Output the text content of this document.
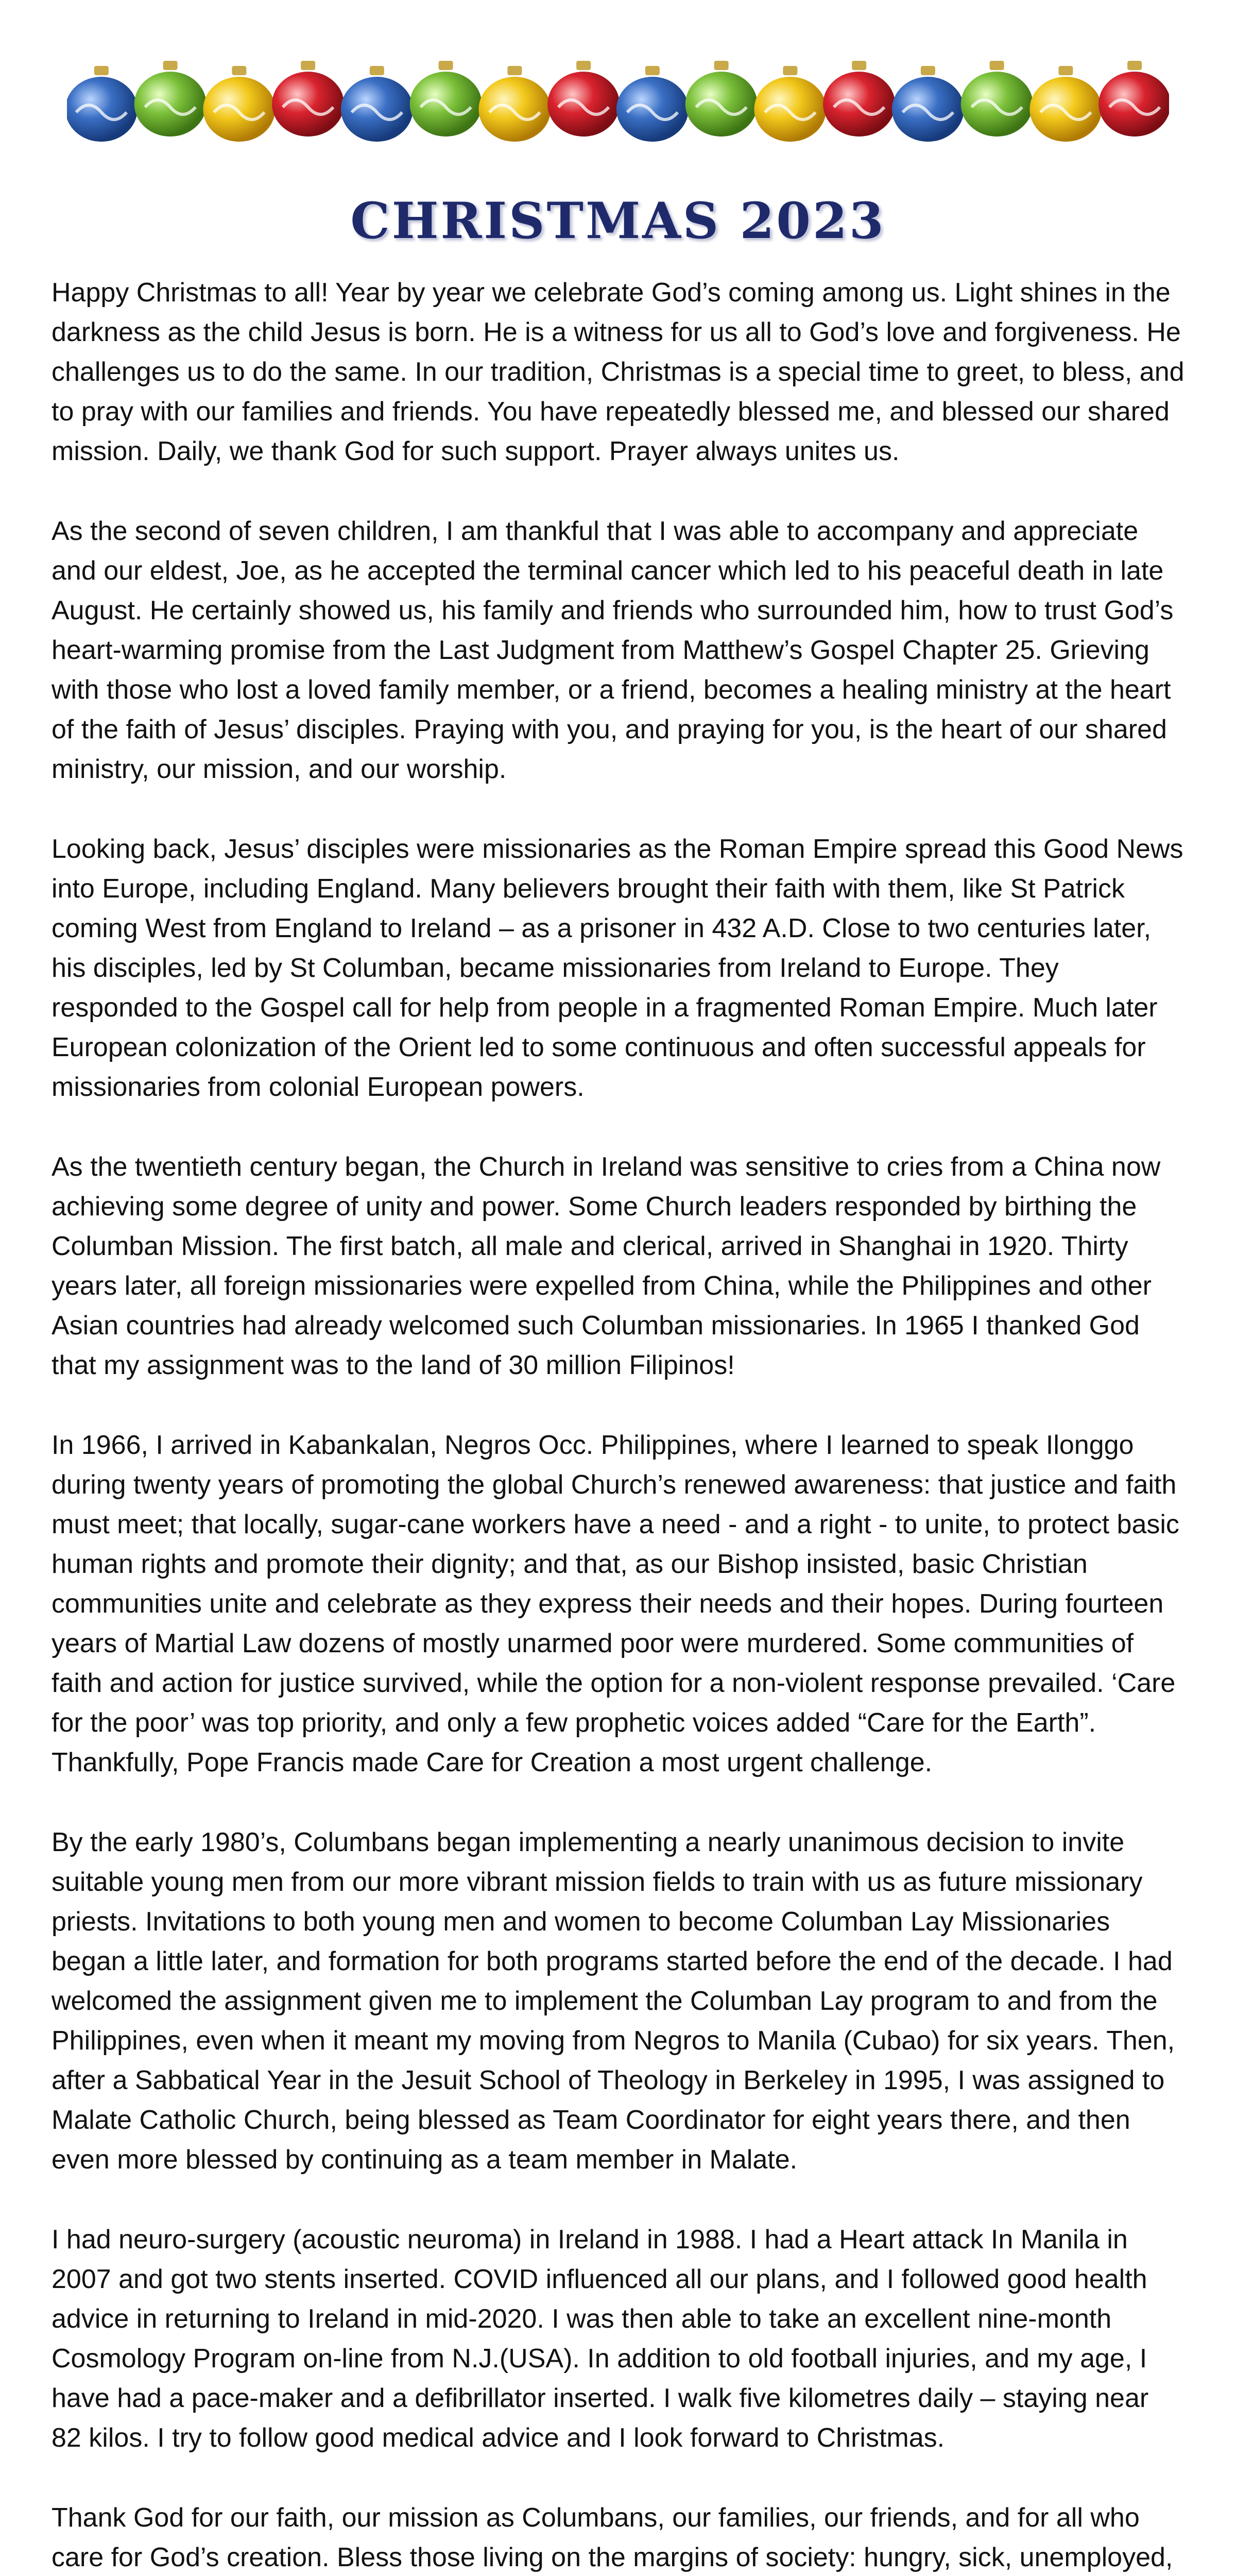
CHRISTMAS 2023

Happy Christmas to all! Year by year we celebrate God’s coming among us. Light shines in the darkness as the child Jesus is born. He is a witness for us all to God’s love and forgiveness. He challenges us to do the same. In our tradition, Christmas is a special time to greet, to bless, and to pray with our families and friends. You have repeatedly blessed me, and blessed our shared mission. Daily, we thank God for such support. Prayer always unites us.

As the second of seven children, I am thankful that I was able to accompany and appreciate and our eldest, Joe, as he accepted the terminal cancer which led to his peaceful death in late August. He certainly showed us, his family and friends who surrounded him, how to trust God’s heart-warming promise from the Last Judgment from Matthew’s Gospel Chapter 25. Grieving with those who lost a loved family member, or a friend, becomes a healing ministry at the heart of the faith of Jesus’ disciples. Praying with you, and praying for you, is the heart of our shared ministry, our mission, and our worship.

Looking back, Jesus’ disciples were missionaries as the Roman Empire spread this Good News into Europe, including England. Many believers brought their faith with them, like St Patrick coming West from England to Ireland – as a prisoner in 432 A.D. Close to two centuries later, his disciples, led by St Columban, became missionaries from Ireland to Europe. They responded to the Gospel call for help from people in a fragmented Roman Empire. Much later European colonization of the Orient led to some continuous and often successful appeals for missionaries from colonial European powers.

As the twentieth century began, the Church in Ireland was sensitive to cries from a China now achieving some degree of unity and power. Some Church leaders responded by birthing the Columban Mission. The first batch, all male and clerical, arrived in Shanghai in 1920. Thirty years later, all foreign missionaries were expelled from China, while the Philippines and other Asian countries had already welcomed such Columban missionaries. In 1965 I thanked God that my assignment was to the land of 30 million Filipinos!

In 1966, I arrived in Kabankalan, Negros Occ. Philippines, where I learned to speak Ilonggo during twenty years of promoting the global Church’s renewed awareness: that justice and faith must meet; that locally, sugar-cane workers have a need - and a right - to unite, to protect basic human rights and promote their dignity; and that, as our Bishop insisted, basic Christian communities unite and celebrate as they express their needs and their hopes. During fourteen years of Martial Law dozens of mostly unarmed poor were murdered. Some communities of faith and action for justice survived, while the option for a non-violent response prevailed. ‘Care for the poor’ was top priority, and only a few prophetic voices added “Care for the Earth”. Thankfully, Pope Francis made Care for Creation a most urgent challenge.

By the early 1980’s, Columbans began implementing a nearly unanimous decision to invite suitable young men from our more vibrant mission fields to train with us as future missionary priests. Invitations to both young men and women to become Columban Lay Missionaries began a little later, and formation for both programs started before the end of the decade. I had welcomed the assignment given me to implement the Columban Lay program to and from the Philippines, even when it meant my moving from Negros to Manila (Cubao) for six years. Then, after a Sabbatical Year in the Jesuit School of Theology in Berkeley in 1995, I was assigned to Malate Catholic Church, being blessed as Team Coordinator for eight years there, and then even more blessed by continuing as a team member in Malate.

I had neuro-surgery (acoustic neuroma) in Ireland in 1988. I had a Heart attack In Manila in 2007 and got two stents inserted. COVID influenced all our plans, and I followed good health advice in returning to Ireland in mid-2020. I was then able to take an excellent nine-month Cosmology Program on-line from N.J.(USA). In addition to old football injuries, and my age, I have had a pace-maker and a defibrillator inserted. I walk five kilometres daily – staying near 82 kilos. I try to follow good medical advice and I look forward to Christmas.

Thank God for our faith, our mission as Columbans, our families, our friends, and for all who care for God’s creation. Bless those living on the margins of society: hungry, sick, unemployed,
